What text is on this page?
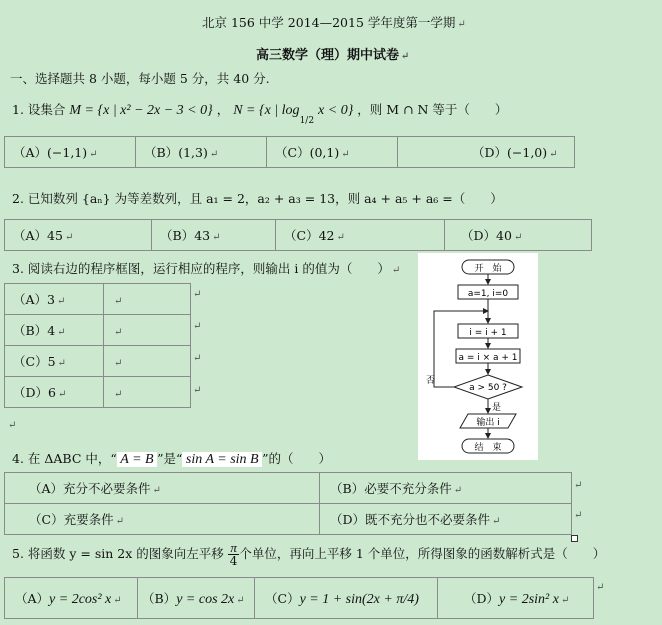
北京 156 中学 2014—2015 学年度第一学期 ↵
高三数学（理）期中试卷 ↵
一、选择题共 8 小题，每小题 5 分，共 40 分.
1. 设集合 M = {x | x² − 2x − 3 < 0} ， N = {x | log1/2 x < 0} ，则 M ∩ N 等于（　　）
（A）(−1,1) ↵	（B）(1,3) ↵	（C）(0,1) ↵	（D）(−1,0) ↵
2. 已知数列 {aₙ} 为等差数列，且 a₁ = 2，a₂ + a₃ = 13，则 a₄ + a₅ + a₆ =（　　）
（A）45 ↵	（B）43 ↵	（C）42 ↵	（D）40 ↵
3. 阅读右边的程序框图，运行相应的程序，则输出 i 的值为（　　） ↵
（A）3 ↵	↵
（B）4 ↵	↵
（C）5 ↵	↵
（D）6 ↵	↵
↵
↵
↵
↵
↵
开　始
a=1, i=0
i = i + 1
a = i × a + 1
a > 50 ?
否
是
输出 i
结　束
4. 在 ΔABC 中，“ A = B ”是“ sin A = sin B ”的（　　）
（A）充分不必要条件 ↵	（B）必要不充分条件 ↵
（C）充要条件 ↵	（D）既不充分也不必要条件 ↵
↵
↵
5. 将函数 y = sin 2x 的图象向左平移 $\frac{\pi}{4}$ 个单位，再向上平移 1 个单位，所得图象的函数解析式是（　　）
（A）y = 2cos² x ↵	（B）y = cos 2x ↵	（C）y = 1 + sin(2x + π/4)	（D）y = 2sin² x ↵
↵
